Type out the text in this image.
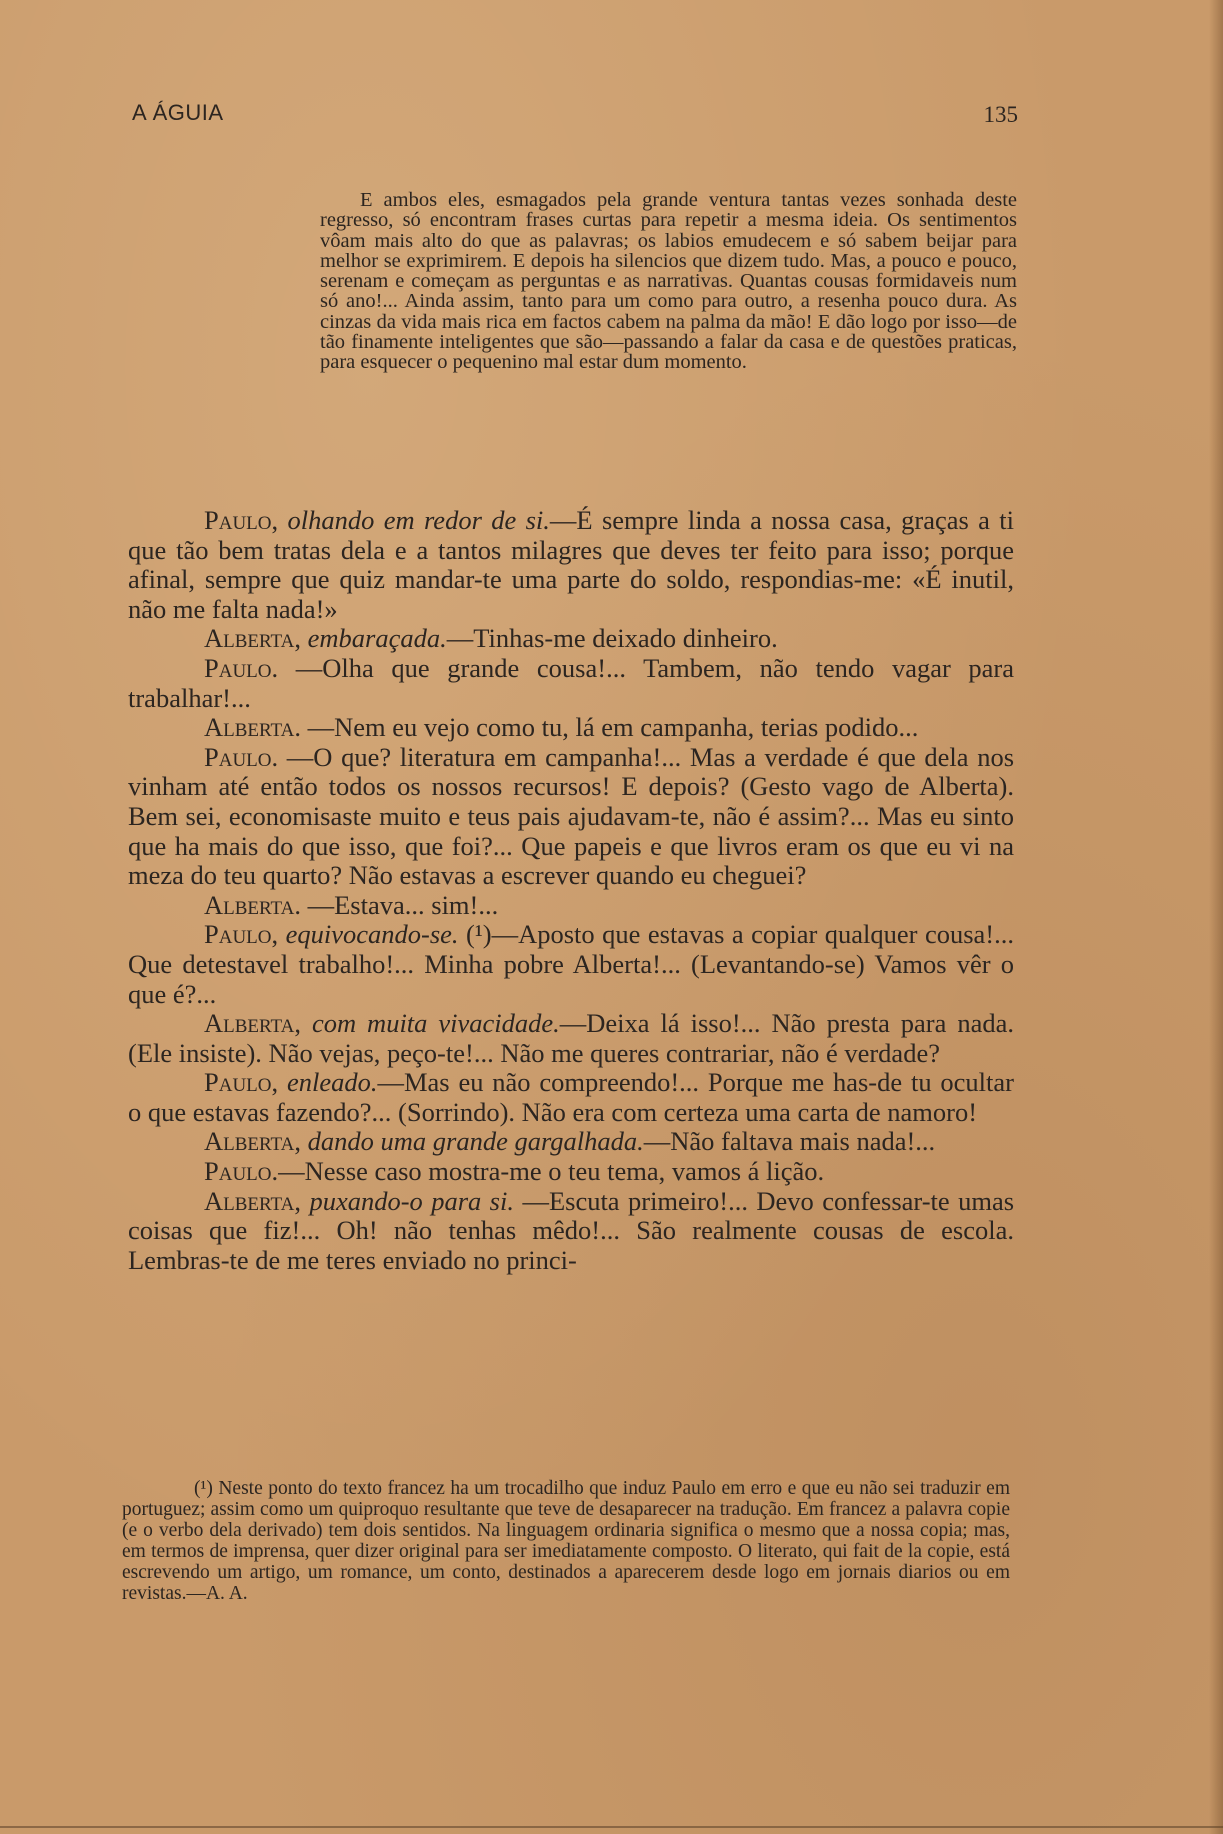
A ÁGUIA	135

E ambos eles, esmagados pela grande ventura tantas vezes sonhada deste regresso, só encontram frases curtas para repetir a mesma ideia. Os sentimentos vôam mais alto do que as palavras; os labios emudecem e só sabem beijar para melhor se exprimirem. E depois ha silencios que dizem tudo. Mas, a pouco e pouco, serenam e começam as perguntas e as narrativas. Quantas cousas formidaveis num só ano!... Ainda assim, tanto para um como para outro, a resenha pouco dura. As cinzas da vida mais rica em factos cabem na palma da mão! E dão logo por isso—de tão finamente inteligentes que são—passando a falar da casa e de questões praticas, para esquecer o pequenino mal estar dum momento.

Paulo, olhando em redor de si.—É sempre linda a nossa casa, graças a ti que tão bem tratas dela e a tantos milagres que deves ter feito para isso; porque afinal, sempre que quiz mandar-te uma parte do soldo, respondias-me: «É inutil, não me falta nada!»

Alberta, embaraçada.—Tinhas-me deixado dinheiro.

Paulo. —Olha que grande cousa!... Tambem, não tendo vagar para trabalhar!...

Alberta. —Nem eu vejo como tu, lá em campanha, terias podido...

Paulo. —O que? literatura em campanha!... Mas a verdade é que dela nos vinham até então todos os nossos recursos! E depois? (Gesto vago de Alberta). Bem sei, economisaste muito e teus pais ajudavam-te, não é assim?... Mas eu sinto que ha mais do que isso, que foi?... Que papeis e que livros eram os que eu vi na meza do teu quarto? Não estavas a escrever quando eu cheguei?

Alberta. —Estava... sim!...

Paulo, equivocando-se. (¹)—Aposto que estavas a copiar qualquer cousa!... Que detestavel trabalho!... Minha pobre Alberta!... (Levantando-se) Vamos vêr o que é?...

Alberta, com muita vivacidade.—Deixa lá isso!... Não presta para nada. (Ele insiste). Não vejas, peço-te!... Não me queres contrariar, não é verdade?

Paulo, enleado.—Mas eu não compreendo!... Porque me has-de tu ocultar o que estavas fazendo?... (Sorrindo). Não era com certeza uma carta de namoro!

Alberta, dando uma grande gargalhada.—Não faltava mais nada!...

Paulo.—Nesse caso mostra-me o teu tema, vamos á lição.

Alberta, puxando-o para si. —Escuta primeiro!... Devo confessar-te umas coisas que fiz!... Oh! não tenhas mêdo!... São realmente cousas de escola. Lembras-te de me teres enviado no princi-

(¹) Neste ponto do texto francez ha um trocadilho que induz Paulo em erro e que eu não sei traduzir em portuguez; assim como um quiproquo resultante que teve de desaparecer na tradução. Em francez a palavra copie (e o verbo dela derivado) tem dois sentidos. Na linguagem ordinaria significa o mesmo que a nossa copia; mas, em termos de imprensa, quer dizer original para ser imediatamente composto. O literato, qui fait de la copie, está escrevendo um artigo, um romance, um conto, destinados a aparecerem desde logo em jornais diarios ou em revistas.—A. A.
